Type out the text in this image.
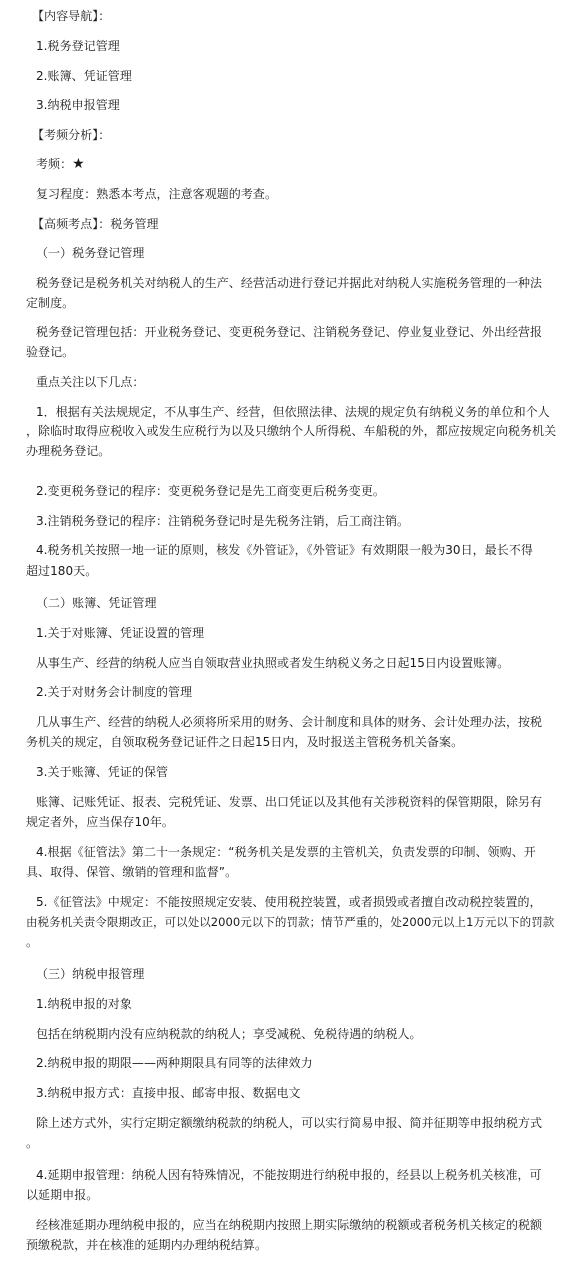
【内容导航】：
1.税务登记管理
2.账簿、凭证管理
3.纳税申报管理
【考频分析】：
考频：★
复习程度：熟悉本考点，注意客观题的考查。
【高频考点】：税务管理
（一）税务登记管理
税务登记是税务机关对纳税人的生产、经营活动进行登记并据此对纳税人实施税务管理的一种法
定制度。
税务登记管理包括：开业税务登记、变更税务登记、注销税务登记、停业复业登记、外出经营报
验登记。
重点关注以下几点：
1．根据有关法规规定，不从事生产、经营，但依照法律、法规的规定负有纳税义务的单位和个人
，除临时取得应税收入或发生应税行为以及只缴纳个人所得税、车船税的外，都应按规定向税务机关
办理税务登记。
2.变更税务登记的程序：变更税务登记是先工商变更后税务变更。
3.注销税务登记的程序：注销税务登记时是先税务注销，后工商注销。
4.税务机关按照一地一证的原则，核发《外管证》，《外管证》有效期限一般为30日，最长不得
超过180天。
（二）账簿、凭证管理
1.关于对账簿、凭证设置的管理
从事生产、经营的纳税人应当自领取营业执照或者发生纳税义务之日起15日内设置账簿。
2.关于对财务会计制度的管理
几从事生产、经营的纳税人必须将所采用的财务、会计制度和具体的财务、会计处理办法，按税
务机关的规定，自领取税务登记证件之日起15日内，及时报送主管税务机关备案。
3.关于账簿、凭证的保管
账簿、记账凭证、报表、完税凭证、发票、出口凭证以及其他有关涉税资料的保管期限，除另有
规定者外，应当保存10年。
4.根据《征管法》第二十一条规定：“税务机关是发票的主管机关，负责发票的印制、领购、开
具、取得、保管、缴销的管理和监督”。
5.《征管法》中规定：不能按照规定安装、使用税控装置，或者损毁或者擅自改动税控装置的，
由税务机关责令限期改正，可以处以2000元以下的罚款；情节严重的，处2000元以上1万元以下的罚款
。
（三）纳税申报管理
1.纳税申报的对象
包括在纳税期内没有应纳税款的纳税人；享受减税、免税待遇的纳税人。
2.纳税申报的期限——两种期限具有同等的法律效力
3.纳税申报方式：直接申报、邮寄申报、数据电文
除上述方式外，实行定期定额缴纳税款的纳税人，可以实行简易申报、简并征期等申报纳税方式
。
4.延期申报管理：纳税人因有特殊情况，不能按期进行纳税申报的，经县以上税务机关核准，可
以延期申报。
经核准延期办理纳税申报的，应当在纳税期内按照上期实际缴纳的税额或者税务机关核定的税额
预缴税款，并在核准的延期内办理纳税结算。
